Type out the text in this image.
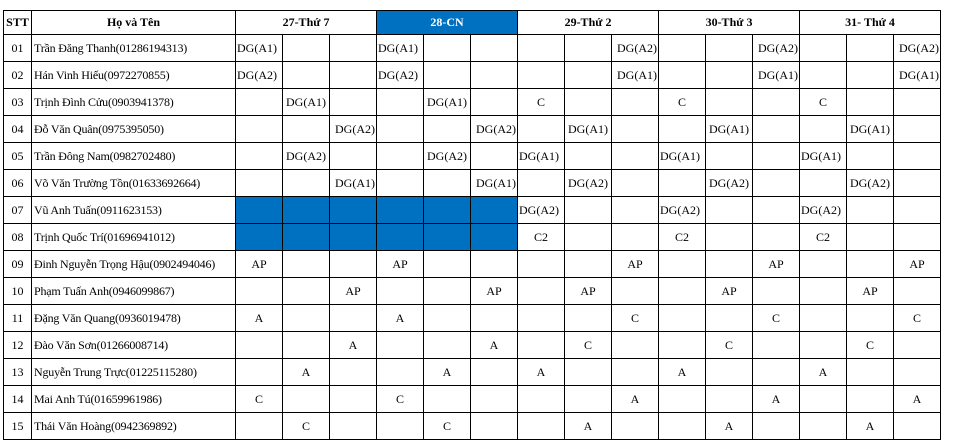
STT	Họ và Tên	27-Thứ 7			28-CN			29-Thứ 2			30-Thứ 3			31- Thứ 4		
01	Trần Đăng Thanh(01286194313)	DG(A1)			DG(A1)					DG(A2)			DG(A2)			DG(A2)
02	Hán Vinh Hiếu(0972270855)	DG(A2)			DG(A2)					DG(A1)			DG(A1)			DG(A1)
03	Trịnh Đình Cửu(0903941378)		DG(A1)			DG(A1)		C			C			C		
04	Đỗ Văn Quân(0975395050)			DG(A2)			DG(A2)		DG(A1)			DG(A1)			DG(A1)	
05	Trần Đông Nam(0982702480)		DG(A2)			DG(A2)		DG(A1)			DG(A1)			DG(A1)		
06	Võ Văn Trường Tồn(01633692664)			DG(A1)			DG(A1)		DG(A2)			DG(A2)			DG(A2)	
07	Vũ Anh Tuấn(0911623153)							DG(A2)			DG(A2)			DG(A2)		
08	Trịnh Quốc Trí(01696941012)							C2			C2			C2		
09	Đinh Nguyễn Trọng Hậu(0902494046)	AP			AP					AP			AP			AP
10	Phạm Tuấn Anh(0946099867)			AP			AP		AP			AP			AP	
11	Đặng Văn Quang(0936019478)	A			A					C			C			C
12	Đào Văn Sơn(01266008714)			A			A		C			C			C	
13	Nguyễn Trung Trực(01225115280)		A			A		A			A			A		
14	Mai Anh Tú(01659961986)	C			C					A			A			A
15	Thái Văn Hoàng(0942369892)		C			C			A			A			A	
